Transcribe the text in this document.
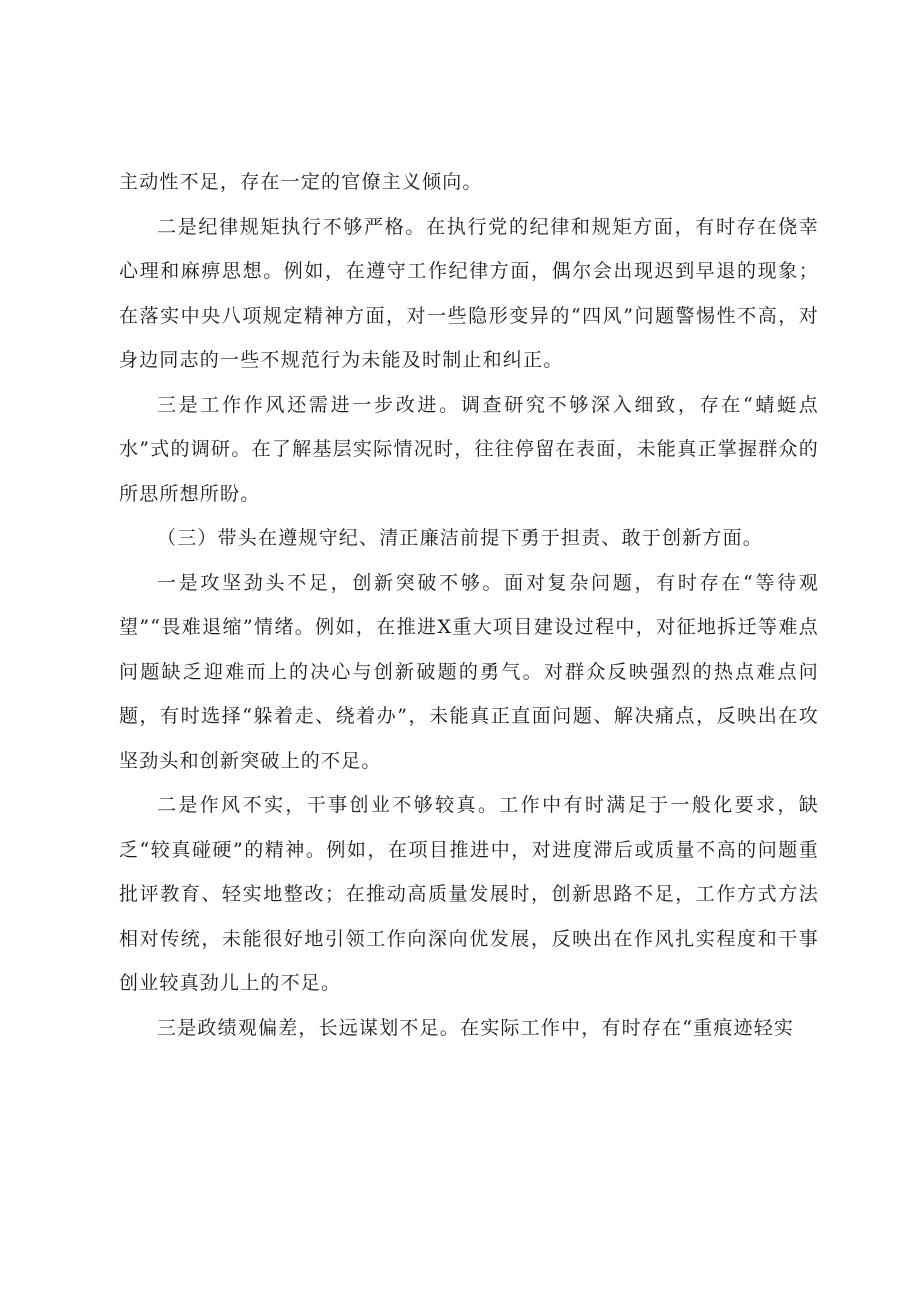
主动性不足，存在一定的官僚主义倾向。

二是纪律规矩执行不够严格。在执行党的纪律和规矩方面，有时存在侥幸心理和麻痹思想。例如，在遵守工作纪律方面，偶尔会出现迟到早退的现象；在落实中央八项规定精神方面，对一些隐形变异的“四风”问题警惕性不高，对身边同志的一些不规范行为未能及时制止和纠正。

三是工作作风还需进一步改进。调查研究不够深入细致，存在“蜻蜓点水”式的调研。在了解基层实际情况时，往往停留在表面，未能真正掌握群众的所思所想所盼。

（三）带头在遵规守纪、清正廉洁前提下勇于担责、敢于创新方面。

一是攻坚劲头不足，创新突破不够。面对复杂问题，有时存在“等待观望”“畏难退缩”情绪。例如，在推进X重大项目建设过程中，对征地拆迁等难点问题缺乏迎难而上的决心与创新破题的勇气。对群众反映强烈的热点难点问题，有时选择“躲着走、绕着办”，未能真正直面问题、解决痛点，反映出在攻坚劲头和创新突破上的不足。

二是作风不实，干事创业不够较真。工作中有时满足于一般化要求，缺乏“较真碰硬”的精神。例如，在项目推进中，对进度滞后或质量不高的问题重批评教育、轻实地整改；在推动高质量发展时，创新思路不足，工作方式方法相对传统，未能很好地引领工作向深向优发展，反映出在作风扎实程度和干事创业较真劲儿上的不足。

三是政绩观偏差，长远谋划不足。在实际工作中，有时存在“重痕迹轻实
